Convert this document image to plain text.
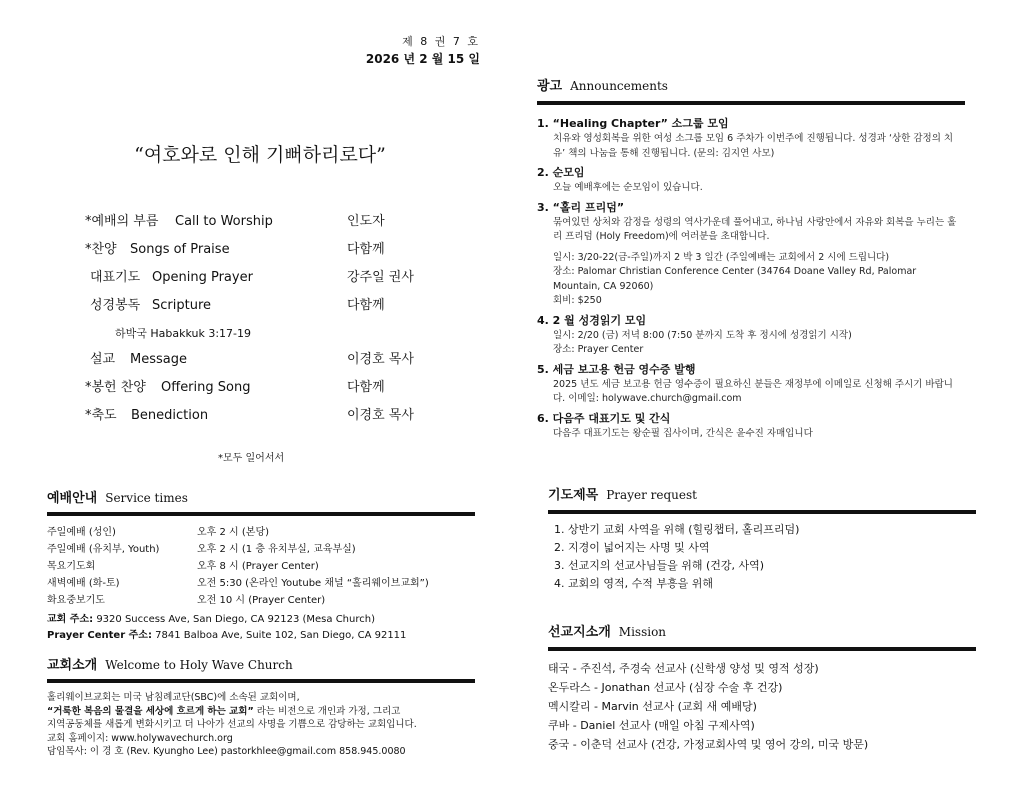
제 8 권 7 호
2026 년 2 월 15 일
“여호와로 인해 기뻐하리로다”
*예배의 부름 Call to Worship	인도자
*찬양 Songs of Praise	다함께
대표기도 Opening Prayer	강주일 권사
성경봉독 Scripture	다함께
하박국 Habakkuk 3:17-19
설교 Message	이경호 목사
*봉헌 찬양 Offering Song	다함께
*축도 Benediction	이경호 목사
*모두 일어서서
예배안내 Service times
주일예배 (성인)	오후 2 시 (본당)
주일예배 (유치부, Youth)	오후 2 시 (1 층 유치부실, 교육부실)
목요기도회	오후 8 시 (Prayer Center)
새벽예배 (화-토)	오전 5:30 (온라인 Youtube 채널 “홀리웨이브교회”)
화요중보기도	오전 10 시 (Prayer Center)
교회 주소: 9320 Success Ave, San Diego, CA 92123 (Mesa Church)
Prayer Center 주소: 7841 Balboa Ave, Suite 102, San Diego, CA 92111
교회소개 Welcome to Holy Wave Church
홀리웨이브교회는 미국 남침례교단(SBC)에 소속된 교회이며,
“거룩한 복음의 물결을 세상에 흐르게 하는 교회” 라는 비전으로 개인과 가정, 그리고
지역공동체를 새롭게 변화시키고 더 나아가 선교의 사명을 기쁨으로 감당하는 교회입니다.
교회 홈페이지: www.holywavechurch.org
담임목사: 이 경 호 (Rev. Kyungho Lee) pastorkhlee@gmail.com 858.945.0080
광고 Announcements
1. “Healing Chapter” 소그룹 모임

치유와 영성회복을 위한 여성 소그룹 모임 6 주차가 이번주에 진행됩니다. 성경과 ‘상한 감정의 치유’ 책의 나눔을 통해 진행됩니다. (문의: 김지연 사모)

2. 순모임

오늘 예배후에는 순모임이 있습니다.

3. “홀리 프리덤”

묶여있던 상처와 감정을 성령의 역사가운데 풀어내고, 하나님 사랑안에서 자유와 회복을 누리는 홀리 프리덤 (Holy Freedom)에 여러분을 초대합니다.

일시: 3/20-22(금-주일)까지 2 박 3 일간 (주일예배는 교회에서 2 시에 드립니다)

장소: Palomar Christian Conference Center (34764 Doane Valley Rd, Palomar Mountain, CA 92060)

회비: $250

4. 2 월 성경읽기 모임

일시: 2/20 (금) 저녁 8:00 (7:50 분까지 도착 후 정시에 성경읽기 시작)

장소: Prayer Center

5. 세금 보고용 헌금 영수증 발행

2025 년도 세금 보고용 헌금 영수증이 필요하신 분들은 재정부에 이메일로 신청해 주시기 바랍니다. 이메일: holywave.church@gmail.com

6. 다음주 대표기도 및 간식

다음주 대표기도는 왕순필 집사이며, 간식은 윤수진 자매입니다

기도제목 Prayer request
1. 상반기 교회 사역을 위해 (힐링챕터, 홀리프리덤)
2. 지경이 넓어지는 사명 및 사역
3. 선교지의 선교사님들을 위해 (건강, 사역)
4. 교회의 영적, 수적 부흥을 위해
선교지소개 Mission
태국 - 주진석, 주경숙 선교사 (신학생 양성 및 영적 성장)
온두라스 - Jonathan 선교사 (심장 수술 후 건강)
멕시칼리 - Marvin 선교사 (교회 새 예배당)
쿠바 - Daniel 선교사 (매일 아침 구제사역)
중국 - 이춘덕 선교사 (건강, 가정교회사역 및 영어 강의, 미국 방문)
